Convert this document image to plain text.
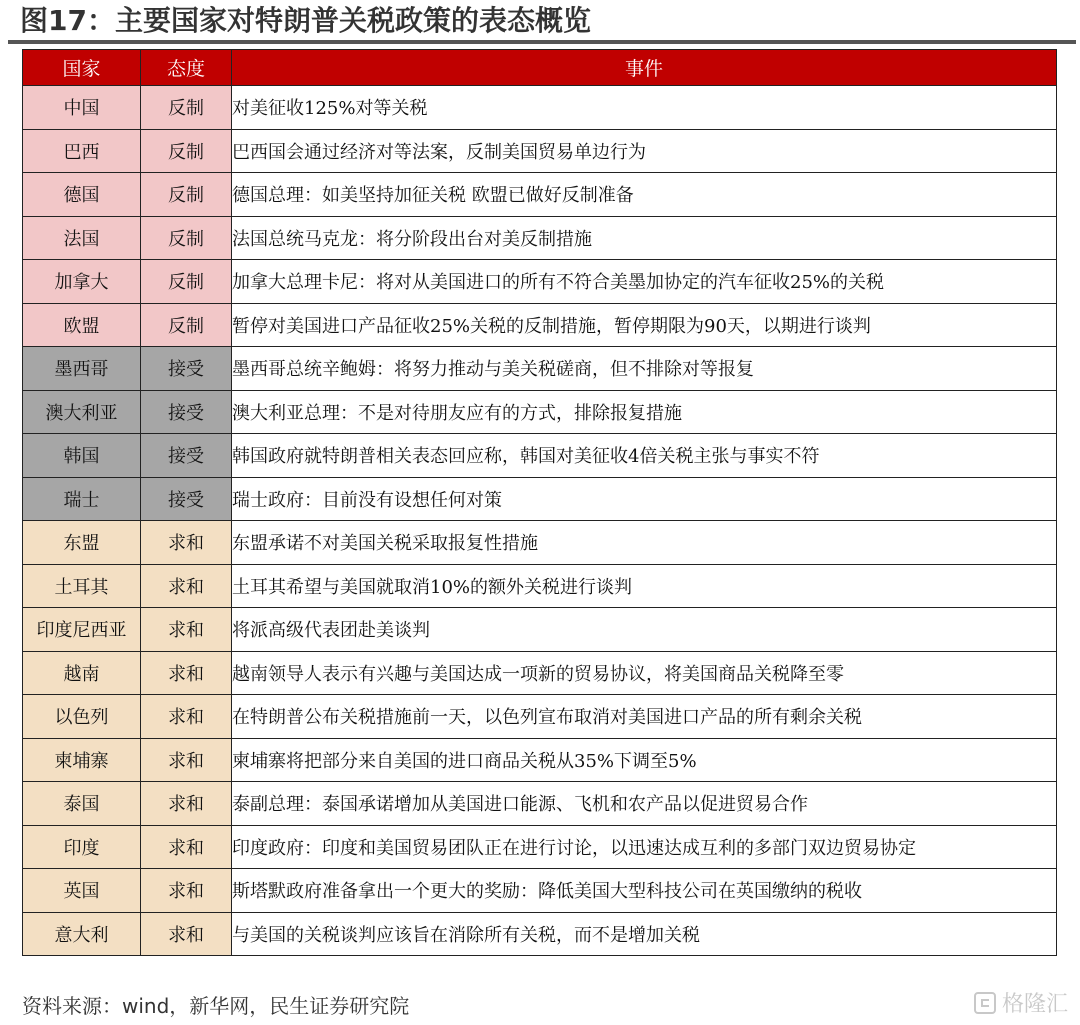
图17：主要国家对特朗普关税政策的表态概览
国家	态度	事件
中国	反制	对美征收125%对等关税
巴西	反制	巴西国会通过经济对等法案，反制美国贸易单边行为
德国	反制	德国总理：如美坚持加征关税 欧盟已做好反制准备
法国	反制	法国总统马克龙：将分阶段出台对美反制措施
加拿大	反制	加拿大总理卡尼：将对从美国进口的所有不符合美墨加协定的汽车征收25%的关税
欧盟	反制	暂停对美国进口产品征收25%关税的反制措施，暂停期限为90天，以期进行谈判
墨西哥	接受	墨西哥总统辛鲍姆：将努力推动与美关税磋商，但不排除对等报复
澳大利亚	接受	澳大利亚总理：不是对待朋友应有的方式，排除报复措施
韩国	接受	韩国政府就特朗普相关表态回应称，韩国对美征收4倍关税主张与事实不符
瑞士	接受	瑞士政府：目前没有设想任何对策
东盟	求和	东盟承诺不对美国关税采取报复性措施
土耳其	求和	土耳其希望与美国就取消10%的额外关税进行谈判
印度尼西亚	求和	将派高级代表团赴美谈判
越南	求和	越南领导人表示有兴趣与美国达成一项新的贸易协议，将美国商品关税降至零
以色列	求和	在特朗普公布关税措施前一天，以色列宣布取消对美国进口产品的所有剩余关税
柬埔寨	求和	柬埔寨将把部分来自美国的进口商品关税从35%下调至5%
泰国	求和	泰副总理：泰国承诺增加从美国进口能源、飞机和农产品以促进贸易合作
印度	求和	印度政府：印度和美国贸易团队正在进行讨论，以迅速达成互利的多部门双边贸易协定
英国	求和	斯塔默政府准备拿出一个更大的奖励：降低美国大型科技公司在英国缴纳的税收
意大利	求和	与美国的关税谈判应该旨在消除所有关税，而不是增加关税
资料来源：wind，新华网，民生证券研究院	格隆汇
